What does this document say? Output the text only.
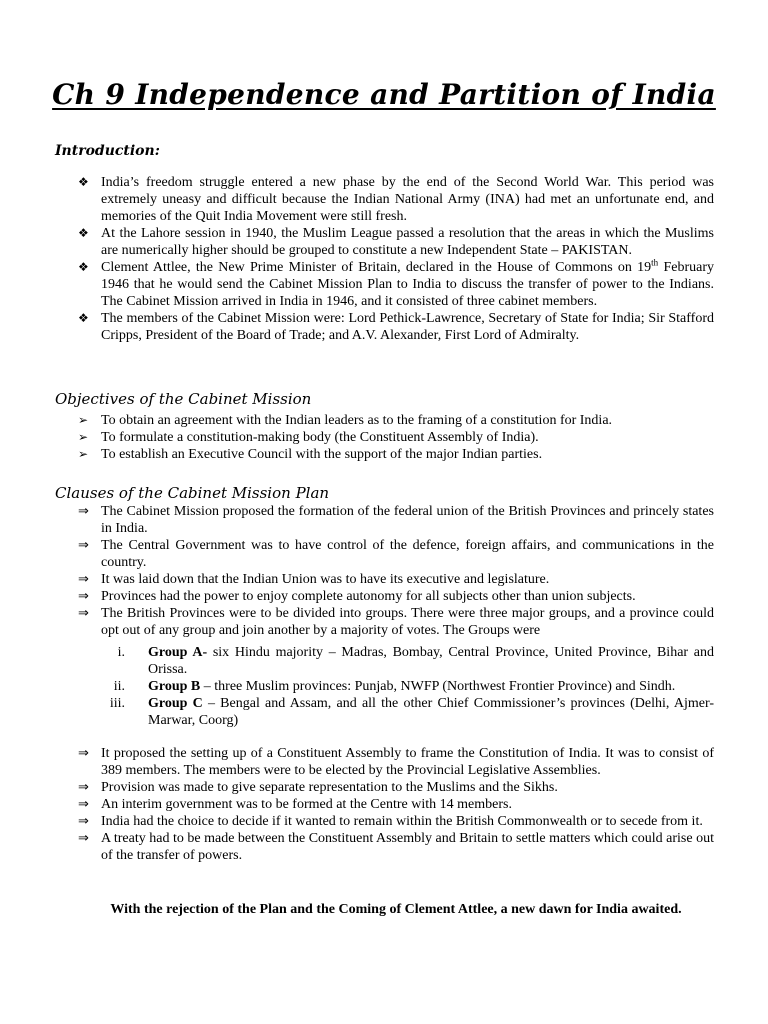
Ch 9 Independence and Partition of India
Introduction:
❖ India’s freedom struggle entered a new phase by the end of the Second World War. This period was extremely uneasy and difficult because the Indian National Army (INA) had met an unfortunate end, and memories of the Quit India Movement were still fresh.
❖ At the Lahore session in 1940, the Muslim League passed a resolution that the areas in which the Muslims are numerically higher should be grouped to constitute a new Independent State – PAKISTAN.
❖ Clement Attlee, the New Prime Minister of Britain, declared in the House of Commons on 19th February 1946 that he would send the Cabinet Mission Plan to India to discuss the transfer of power to the Indians. The Cabinet Mission arrived in India in 1946, and it consisted of three cabinet members.
❖ The members of the Cabinet Mission were: Lord Pethick-Lawrence, Secretary of State for India; Sir Stafford Cripps, President of the Board of Trade; and A.V. Alexander, First Lord of Admiralty.
Objectives of the Cabinet Mission
➢ To obtain an agreement with the Indian leaders as to the framing of a constitution for India.
➢ To formulate a constitution-making body (the Constituent Assembly of India).
➢ To establish an Executive Council with the support of the major Indian parties.
Clauses of the Cabinet Mission Plan
⇒ The Cabinet Mission proposed the formation of the federal union of the British Provinces and princely states in India.
⇒ The Central Government was to have control of the defence, foreign affairs, and communications in the country.
⇒ It was laid down that the Indian Union was to have its executive and legislature.
⇒ Provinces had the power to enjoy complete autonomy for all subjects other than union subjects.
⇒ The British Provinces were to be divided into groups. There were three major groups, and a province could opt out of any group and join another by a majority of votes. The Groups were
i. Group A- six Hindu majority – Madras, Bombay, Central Province, United Province, Bihar and Orissa.
ii. Group B – three Muslim provinces: Punjab, NWFP (Northwest Frontier Province) and Sindh.
iii. Group C – Bengal and Assam, and all the other Chief Commissioner’s provinces (Delhi, Ajmer-Marwar, Coorg)
⇒ It proposed the setting up of a Constituent Assembly to frame the Constitution of India. It was to consist of 389 members. The members were to be elected by the Provincial Legislative Assemblies.
⇒ Provision was made to give separate representation to the Muslims and the Sikhs.
⇒ An interim government was to be formed at the Centre with 14 members.
⇒ India had the choice to decide if it wanted to remain within the British Commonwealth or to secede from it.
⇒ A treaty had to be made between the Constituent Assembly and Britain to settle matters which could arise out of the transfer of powers.
With the rejection of the Plan and the Coming of Clement Attlee, a new dawn for India awaited.
